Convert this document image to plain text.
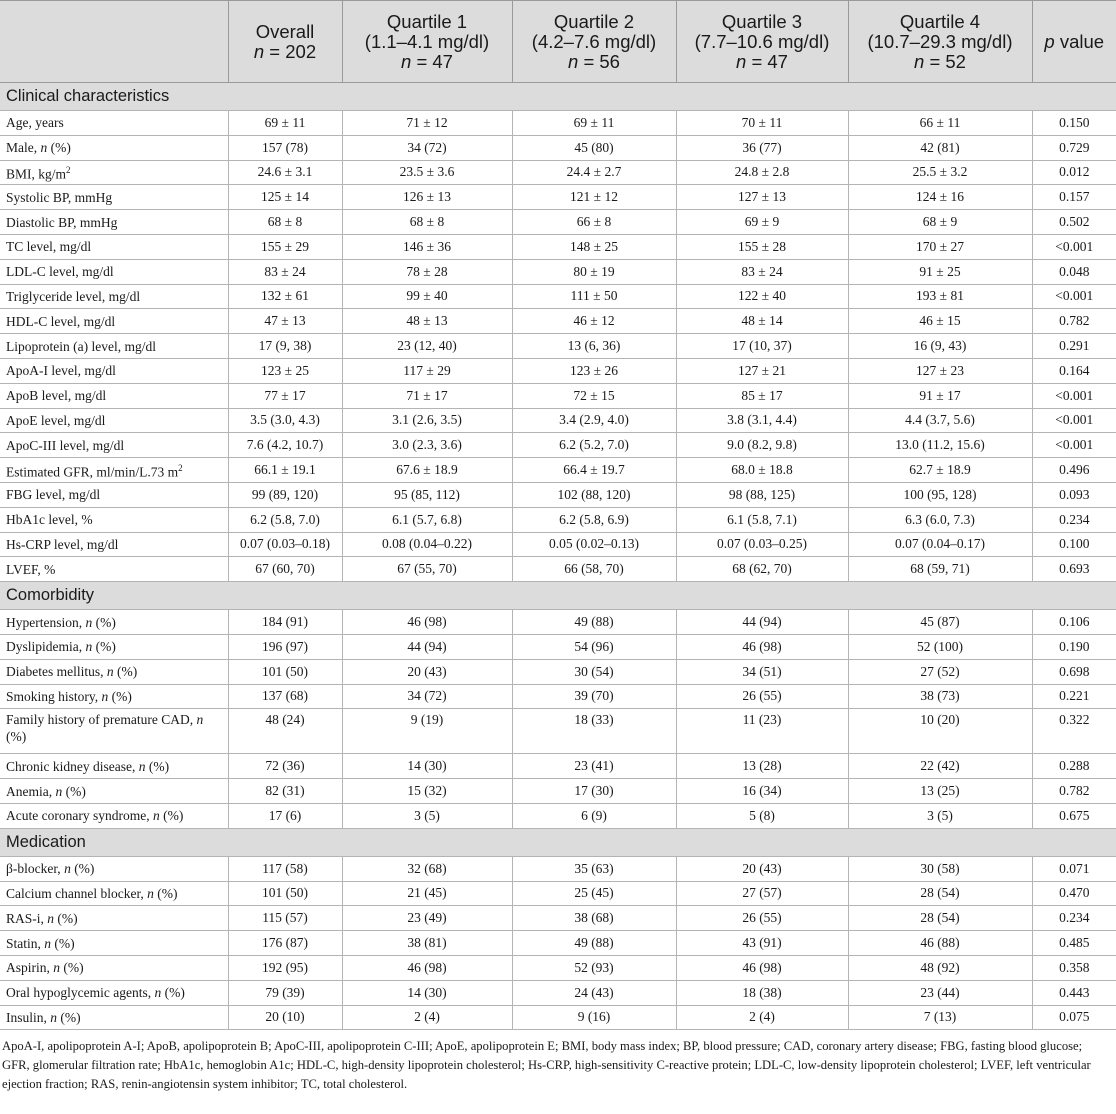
	Overall
n = 202	Quartile 1
(1.1–4.1 mg/dl)
n = 47	Quartile 2
(4.2–7.6 mg/dl)
n = 56	Quartile 3
(7.7–10.6 mg/dl)
n = 47	Quartile 4
(10.7–29.3 mg/dl)
n = 52	p value
Clinical characteristics						
Age, years	69 ± 11	71 ± 12	69 ± 11	70 ± 11	66 ± 11	0.150
Male, n (%)	157 (78)	34 (72)	45 (80)	36 (77)	42 (81)	0.729
BMI, $kg/m^2$	24.6 ± 3.1	23.5 ± 3.6	24.4 ± 2.7	24.8 ± 2.8	25.5 ± 3.2	0.012
Systolic BP, mmHg	125 ± 14	126 ± 13	121 ± 12	127 ± 13	124 ± 16	0.157
Diastolic BP, mmHg	68 ± 8	68 ± 8	66 ± 8	69 ± 9	68 ± 9	0.502
TC level, mg/dl	155 ± 29	146 ± 36	148 ± 25	155 ± 28	170 ± 27	<0.001
LDL-C level, mg/dl	83 ± 24	78 ± 28	80 ± 19	83 ± 24	91 ± 25	0.048
Triglyceride level, mg/dl	132 ± 61	99 ± 40	111 ± 50	122 ± 40	193 ± 81	<0.001
HDL-C level, mg/dl	47 ± 13	48 ± 13	46 ± 12	48 ± 14	46 ± 15	0.782
Lipoprotein (a) level, mg/dl	17 (9, 38)	23 (12, 40)	13 (6, 36)	17 (10, 37)	16 (9, 43)	0.291
ApoA-I level, mg/dl	123 ± 25	117 ± 29	123 ± 26	127 ± 21	127 ± 23	0.164
ApoB level, mg/dl	77 ± 17	71 ± 17	72 ± 15	85 ± 17	91 ± 17	<0.001
ApoE level, mg/dl	3.5 (3.0, 4.3)	3.1 (2.6, 3.5)	3.4 (2.9, 4.0)	3.8 (3.1, 4.4)	4.4 (3.7, 5.6)	<0.001
ApoC-III level, mg/dl	7.6 (4.2, 10.7)	3.0 (2.3, 3.6)	6.2 (5.2, 7.0)	9.0 (8.2, 9.8)	13.0 (11.2, 15.6)	<0.001
Estimated GFR, ml/min/L.73 $m^2$	66.1 ± 19.1	67.6 ± 18.9	66.4 ± 19.7	68.0 ± 18.8	62.7 ± 18.9	0.496
FBG level, mg/dl	99 (89, 120)	95 (85, 112)	102 (88, 120)	98 (88, 125)	100 (95, 128)	0.093
HbA1c level, %	6.2 (5.8, 7.0)	6.1 (5.7, 6.8)	6.2 (5.8, 6.9)	6.1 (5.8, 7.1)	6.3 (6.0, 7.3)	0.234
Hs-CRP level, mg/dl	0.07 (0.03–0.18)	0.08 (0.04–0.22)	0.05 (0.02–0.13)	0.07 (0.03–0.25)	0.07 (0.04–0.17)	0.100
LVEF, %	67 (60, 70)	67 (55, 70)	66 (58, 70)	68 (62, 70)	68 (59, 71)	0.693
Comorbidity						
Hypertension, n (%)	184 (91)	46 (98)	49 (88)	44 (94)	45 (87)	0.106
Dyslipidemia, n (%)	196 (97)	44 (94)	54 (96)	46 (98)	52 (100)	0.190
Diabetes mellitus, n (%)	101 (50)	20 (43)	30 (54)	34 (51)	27 (52)	0.698
Smoking history, n (%)	137 (68)	34 (72)	39 (70)	26 (55)	38 (73)	0.221
Family history of premature CAD, n (%)	48 (24)	9 (19)	18 (33)	11 (23)	10 (20)	0.322
Chronic kidney disease, n (%)	72 (36)	14 (30)	23 (41)	13 (28)	22 (42)	0.288
Anemia, n (%)	82 (31)	15 (32)	17 (30)	16 (34)	13 (25)	0.782
Acute coronary syndrome, n (%)	17 (6)	3 (5)	6 (9)	5 (8)	3 (5)	0.675
Medication						
β-blocker, n (%)	117 (58)	32 (68)	35 (63)	20 (43)	30 (58)	0.071
Calcium channel blocker, n (%)	101 (50)	21 (45)	25 (45)	27 (57)	28 (54)	0.470
RAS-i, n (%)	115 (57)	23 (49)	38 (68)	26 (55)	28 (54)	0.234
Statin, n (%)	176 (87)	38 (81)	49 (88)	43 (91)	46 (88)	0.485
Aspirin, n (%)	192 (95)	46 (98)	52 (93)	46 (98)	48 (92)	0.358
Oral hypoglycemic agents, n (%)	79 (39)	14 (30)	24 (43)	18 (38)	23 (44)	0.443
Insulin, n (%)	20 (10)	2 (4)	9 (16)	2 (4)	7 (13)	0.075
ApoA-I, apolipoprotein A-I; ApoB, apolipoprotein B; ApoC-III, apolipoprotein C-III; ApoE, apolipoprotein E; BMI, body mass index; BP, blood pressure; CAD, coronary artery disease; FBG, fasting blood glucose; GFR, glomerular filtration rate; HbA1c, hemoglobin A1c; HDL-C, high-density lipoprotein cholesterol; Hs-CRP, high-sensitivity C-reactive protein; LDL-C, low-density lipoprotein cholesterol; LVEF, left ventricular ejection fraction; RAS, renin-angiotensin system inhibitor; TC, total cholesterol.
